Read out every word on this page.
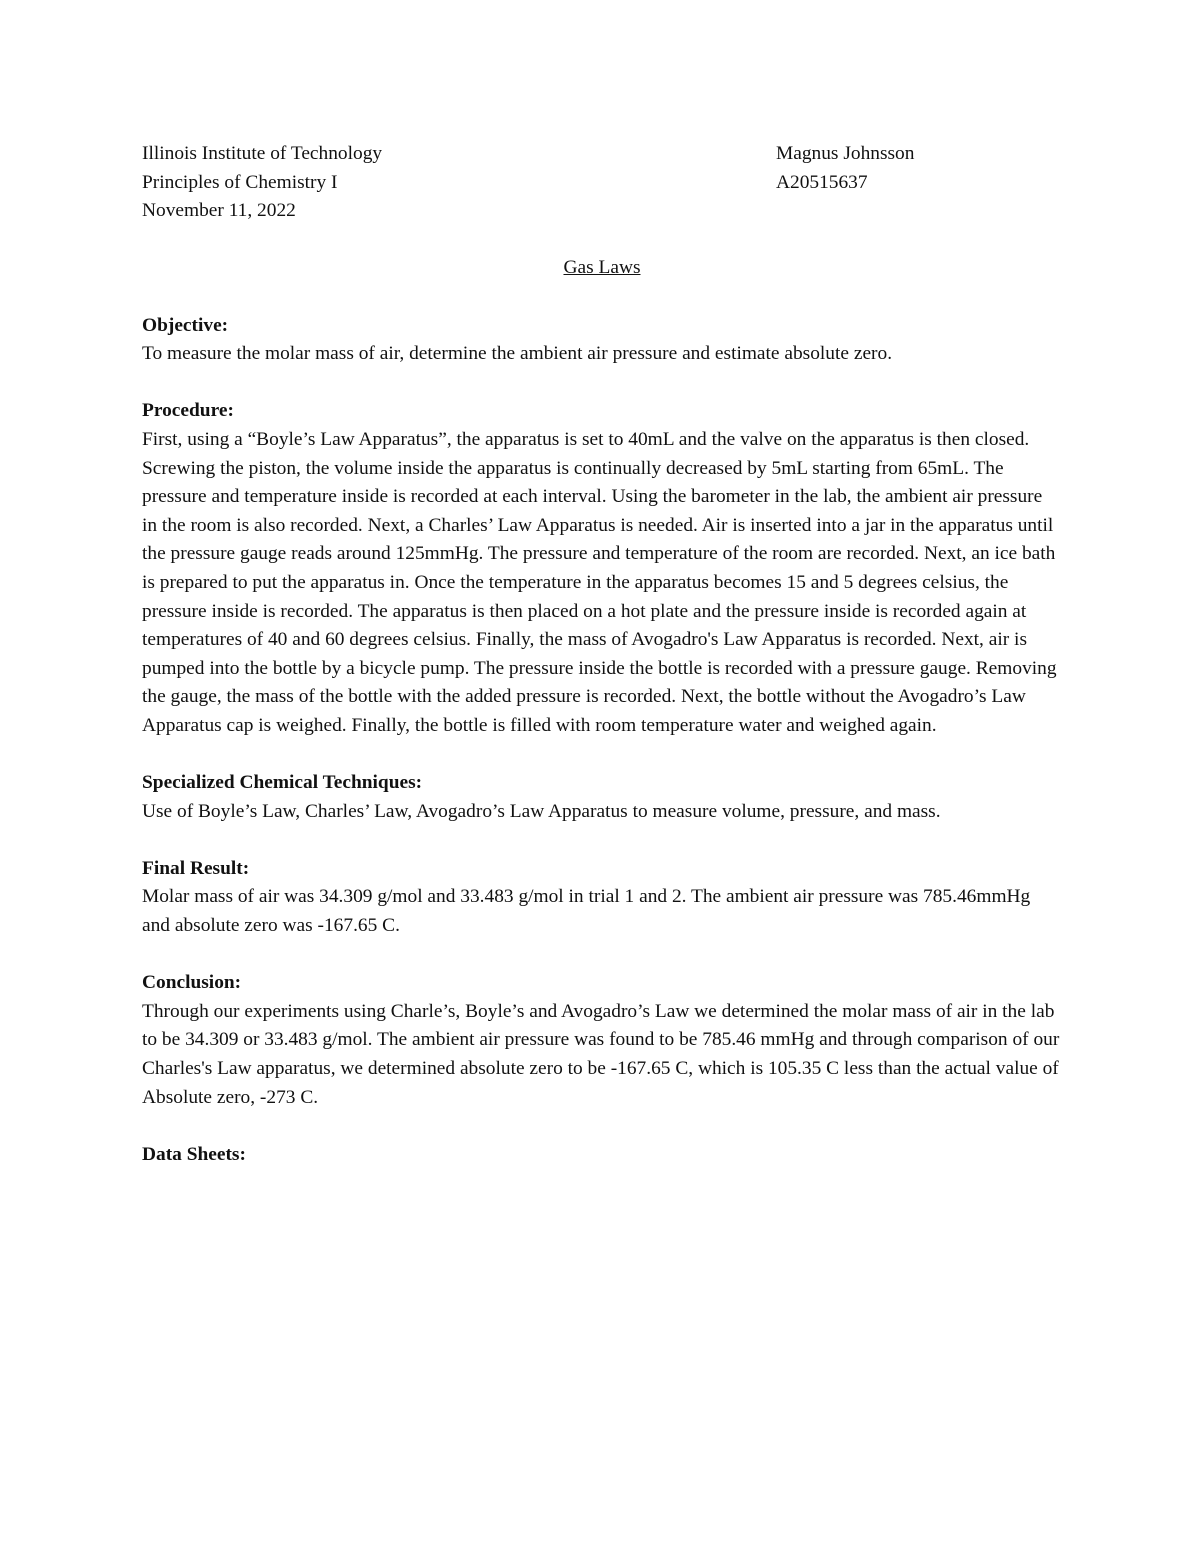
Illinois Institute of Technology	Magnus Johnsson
Principles of Chemistry I	A20515637
November 11, 2022
Gas Laws
Objective:
To measure the molar mass of air, determine the ambient air pressure and estimate absolute zero.
Procedure:
First, using a “Boyle’s Law Apparatus”, the apparatus is set to 40mL and the valve on the apparatus is then closed. Screwing the piston, the volume inside the apparatus is continually decreased by 5mL starting from 65mL. The pressure and temperature inside is recorded at each interval. Using the barometer in the lab, the ambient air pressure in the room is also recorded. Next, a Charles’ Law Apparatus is needed. Air is inserted into a jar in the apparatus until the pressure gauge reads around 125mmHg. The pressure and temperature of the room are recorded. Next, an ice bath is prepared to put the apparatus in. Once the temperature in the apparatus becomes 15 and 5 degrees celsius, the pressure inside is recorded. The apparatus is then placed on a hot plate and the pressure inside is recorded again at temperatures of 40 and 60 degrees celsius. Finally, the mass of Avogadro's Law Apparatus is recorded. Next, air is pumped into the bottle by a bicycle pump. The pressure inside the bottle is recorded with a pressure gauge. Removing the gauge, the mass of the bottle with the added pressure is recorded. Next, the bottle without the Avogadro’s Law Apparatus cap is weighed. Finally, the bottle is filled with room temperature water and weighed again.
Specialized Chemical Techniques:
Use of Boyle’s Law, Charles’ Law, Avogadro’s Law Apparatus to measure volume, pressure, and mass.
Final Result:
Molar mass of air was 34.309 g/mol and 33.483 g/mol in trial 1 and 2. The ambient air pressure was 785.46mmHg and absolute zero was -167.65 C.
Conclusion:
Through our experiments using Charle’s, Boyle’s and Avogadro’s Law we determined the molar mass of air in the lab to be 34.309 or 33.483 g/mol. The ambient air pressure was found to be 785.46 mmHg and through comparison of our Charles's Law apparatus, we determined absolute zero to be -167.65 C, which is 105.35 C less than the actual value of Absolute zero, -273 C.
Data Sheets:
